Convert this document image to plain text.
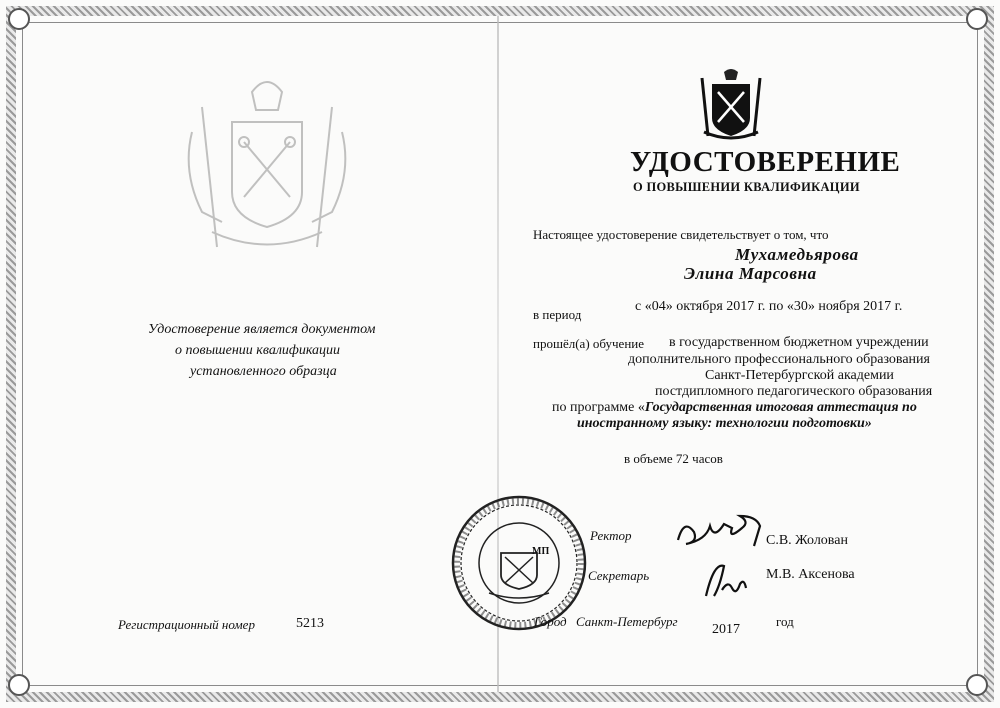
Удостоверение является документом
о повышении квалификации
установленного образца
Регистрационный номер	5213
УДОСТОВЕРЕНИЕ
О ПОВЫШЕНИИ КВАЛИФИКАЦИИ
Настоящее удостоверение свидетельствует о том, что
Мухамедьярова
Элина Марсовна
в период
с «04» октября 2017 г. по «30» ноября 2017 г.
прошёл(а) обучение в государственном бюджетном учреждении
дополнительного профессионального образования
Санкт-Петербургской академии
постдипломного педагогического образования
по программе «Государственная итоговая аттестация по
иностранному языку: технологии подготовки»
в объеме 72 часов
МП
Ректор	С.В. Жолован
Секретарь	М.В. Аксенова
Город Санкт-Петербург
2017
год
